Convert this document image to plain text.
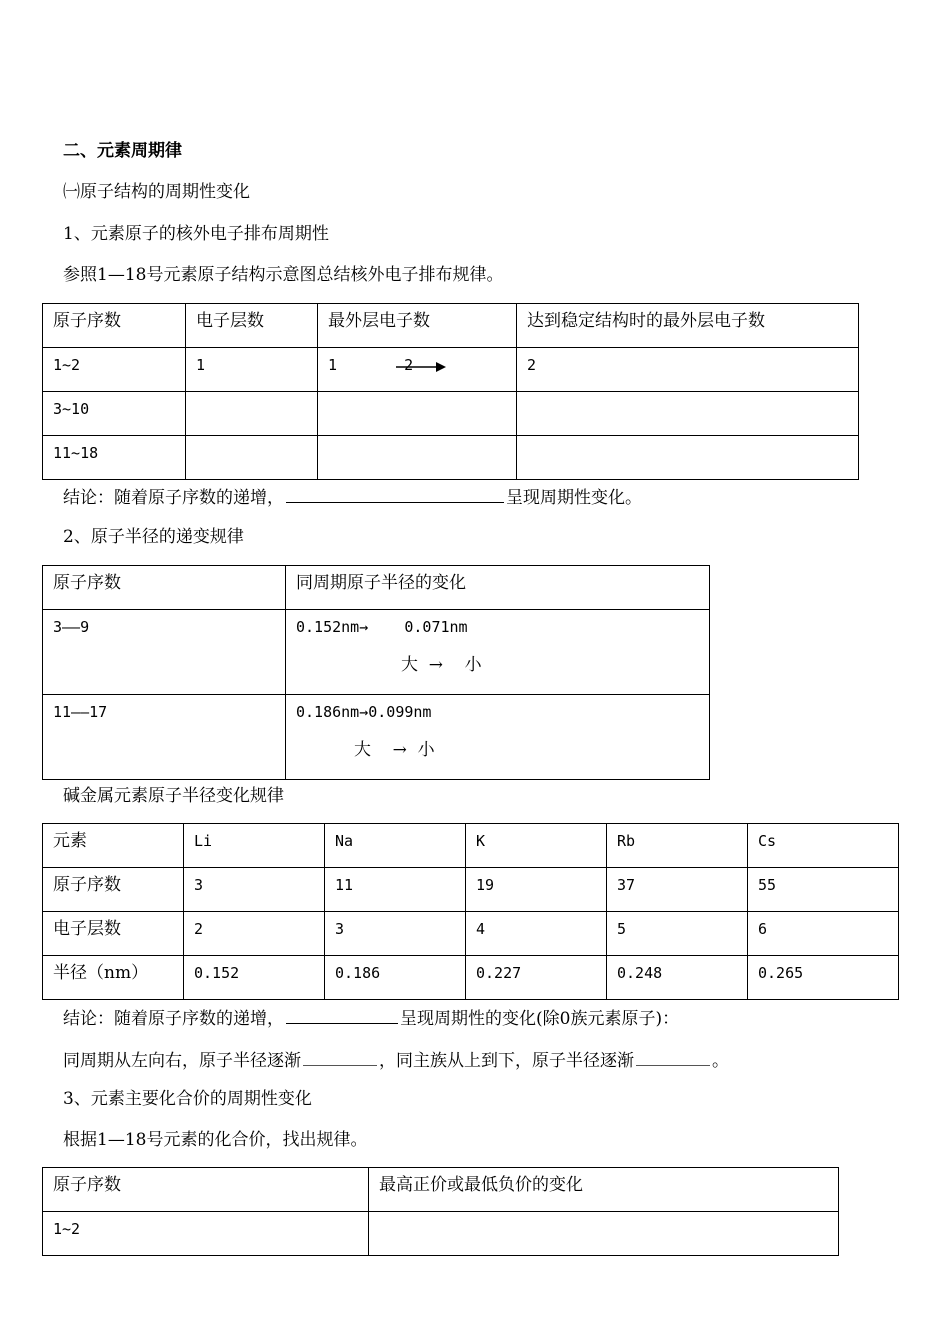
二、元素周期律
㈠原子结构的周期性变化
1、元素原子的核外电子排布周期性
参照1—18号元素原子结构示意图总结核外电子排布规律。
原子序数	电子层数	最外层电子数	达到稳定结构时的最外层电子数
1~2	1	1 2	2
3~10			
11~18			
结论：随着原子序数的递增，	呈现周期性变化。
2、原子半径的递变规律
原子序数	同周期原子半径的变化
3——9	0.152nm→    0.071nm
大  →    小

11——17	0.186nm→0.099nm
大    →  小
碱金属元素原子半径变化规律
元素	Li	Na	K	Rb	Cs
原子序数	3	11	19	37	55
电子层数	2	3	4	5	6
半径（nm）	0.152	0.186	0.227	0.248	0.265
结论：随着原子序数的递增，	呈现周期性的变化(除0族元素原子)：
同周期从左向右，原子半径逐渐	，同主族从上到下，原子半径逐渐	。
3、元素主要化合价的周期性变化
根据1—18号元素的化合价，找出规律。
原子序数	最高正价或最低负价的变化
1~2	
